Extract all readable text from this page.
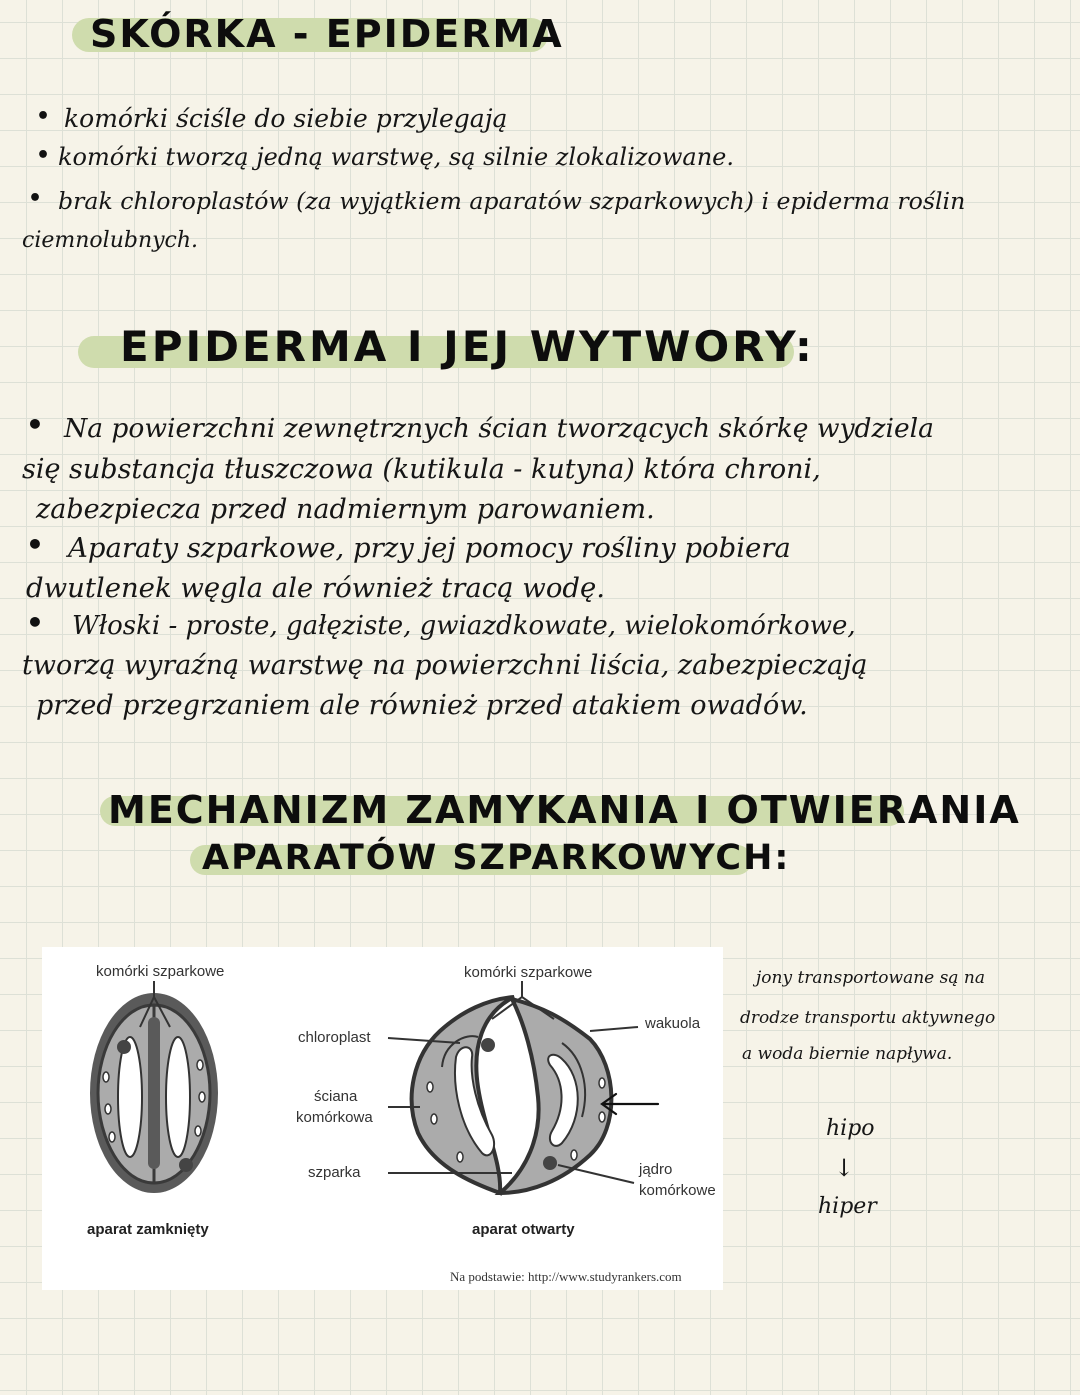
SKÓRKA - EPIDERMA
• komórki ściśle do siebie przylegają

• komórki tworzą jedną warstwę, są silnie zlokalizowane.

• brak chloroplastów (za wyjątkiem aparatów szparkowych) i epiderma roślin

ciemnolubnych.

EPIDERMA I JEJ WYTWORY:
• Na powierzchni zewnętrznych ścian tworzących skórkę wydziela

się substancja tłuszczowa (kutikula - kutyna) która chroni,

zabezpiecza przed nadmiernym parowaniem.

• Aparaty szparkowe, przy jej pomocy rośliny pobiera

dwutlenek węgla ale również tracą wodę.

• Włoski - proste, gałęziste, gwiazdkowate, wielokomórkowe,

tworzą wyraźną warstwę na powierzchni liścia, zabezpieczają

przed przegrzaniem ale również przed atakiem owadów.

MECHANIZM ZAMYKANIA I OTWIERANIA
APARATÓW SZPARKOWYCH:
komórki szparkowe	komórki szparkowe
chloroplast
ściana
komórkowa
szparka
wakuola
jądro
komórkowe
aparat zamknięty	aparat otwarty
Na podstawie: http://www.studyrankers.com

jony transportowane są na

drodze transportu aktywnego

a woda biernie napływa.

hipo

↓

hiper
